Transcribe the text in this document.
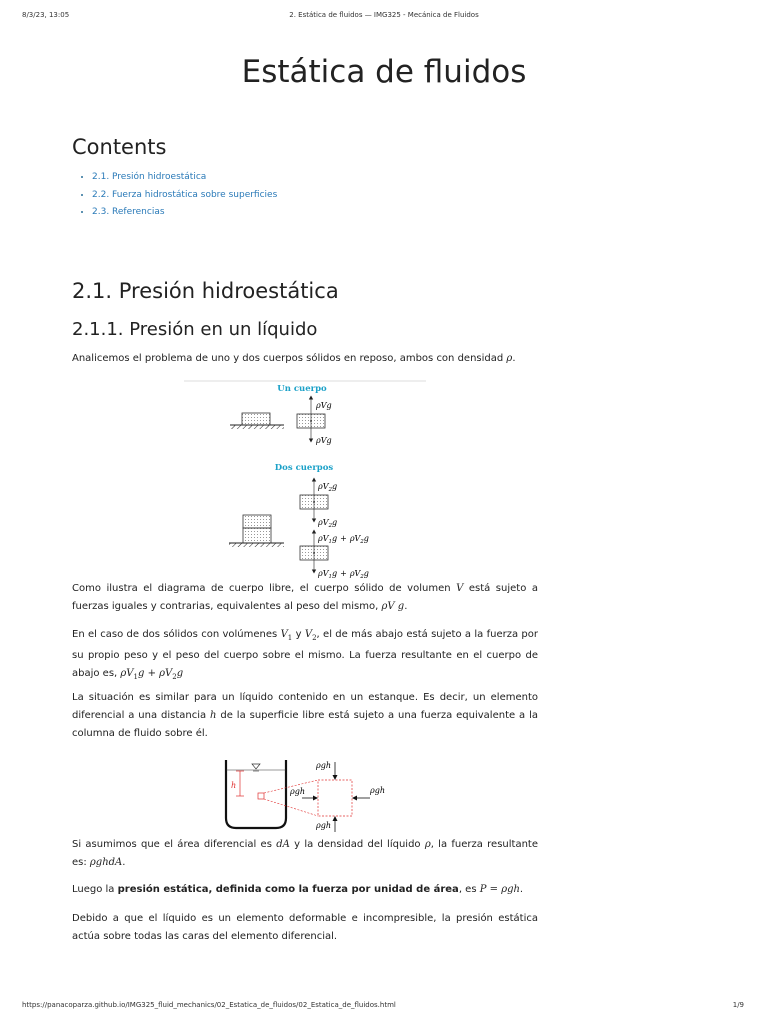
8/3/23, 13:05	2. Estática de fluidos — IMG325 - Mecánica de Fluidos
Estática de fluidos
Contents
• 2.1. Presión hidroestática
• 2.2. Fuerza hidrostática sobre superficies
• 2.3. Referencias
2.1. Presión hidroestática
2.1.1. Presión en un líquido

Analicemos el problema de uno y dos cuerpos sólidos en reposo, ambos con densidad ρ.

Un cuerpo
ρVg
ρVg
Dos cuerpos
$\rho V_2g$
$\rho V_2g$
$\rho V_1g + \rho V_2g$
$\rho V_1g + \rho V_2g$

Como ilustra el diagrama de cuerpo libre, el cuerpo sólido de volumen V está sujeto a fuerzas iguales y contrarias, equivalentes al peso del mismo, ρV g.

En el caso de dos sólidos con volúmenes $V_1$ y $V_2$, el de más abajo está sujeto a la fuerza por su propio peso y el peso del cuerpo sobre el mismo. La fuerza resultante en el cuerpo de abajo es, $\rho V_1g + \rho V_2g$

La situación es similar para un líquido contenido en un estanque. Es decir, un elemento diferencial a una distancia h de la superficie libre está sujeto a una fuerza equivalente a la columna de fluido sobre él.

h
ρgh
ρgh
ρgh
ρgh

Si asumimos que el área diferencial es dA y la densidad del líquido ρ, la fuerza resultante es: ρghdA.

Luego la presión estática, definida como la fuerza por unidad de área, es P = ρgh.

Debido a que el líquido es un elemento deformable e incompresible, la presión estática actúa sobre todas las caras del elemento diferencial.

https://panacoparza.github.io/IMG325_fluid_mechanics/02_Estatica_de_fluidos/02_Estatica_de_fluidos.html	1/9
